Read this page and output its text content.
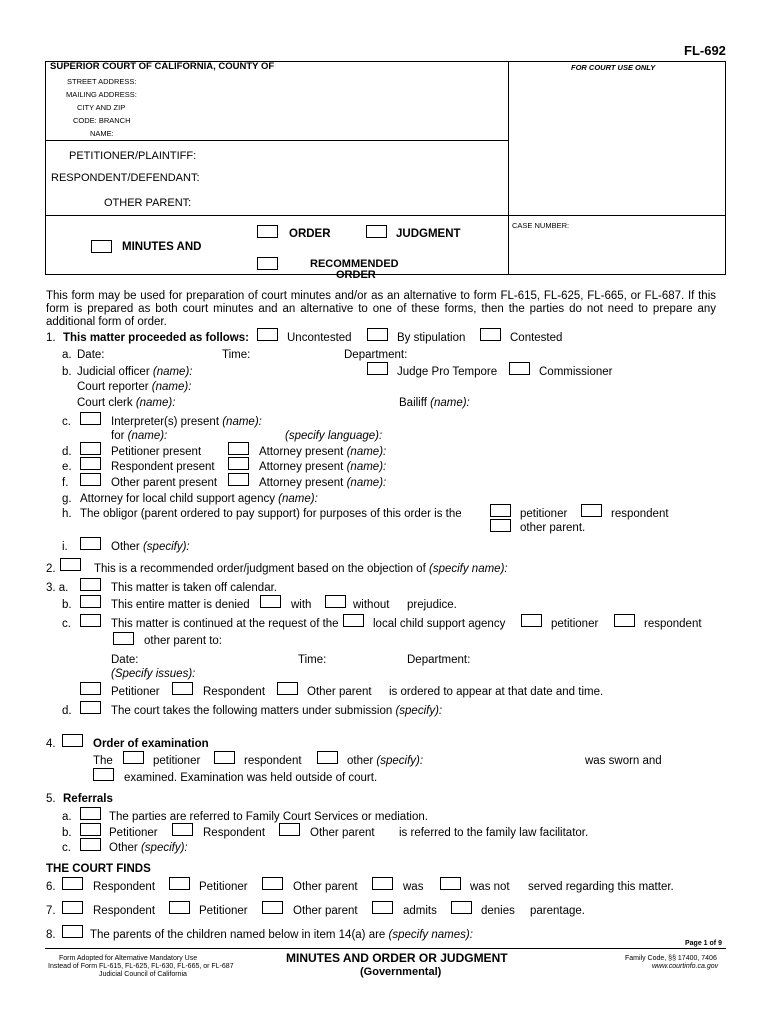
FL-692
SUPERIOR COURT OF CALIFORNIA, COUNTY OF	FOR COURT USE ONLY
STREET ADDRESS:
MAILING ADDRESS:
CITY AND ZIP
CODE: BRANCH
NAME:
PETITIONER/PLAINTIFF:
RESPONDENT/DEFENDANT:
OTHER PARENT:
CASE NUMBER:
MINUTES AND
ORDER	JUDGMENT
RECOMMENDED
ORDER
This form may be used for preparation of court minutes and/or as an alternative to form FL-615, FL-625, FL-665, or FL-687. If this form is prepared as both court minutes and an alternative to one of these forms, then the parties do not need to prepare any additional form of order.
1. This matter proceeded as follows:	Uncontested	By stipulation	Contested
a. Date:	Time:	Department:
b. Judicial officer (name):	Judge Pro Tempore	Commissioner
Court reporter (name):
Court clerk (name):	Bailiff (name):
c.	Interpreter(s) present (name):
for (name):	(specify language):
d.	Petitioner present	Attorney present (name):
e.	Respondent present	Attorney present (name):
f.	Other parent present	Attorney present (name):
g. Attorney for local child support agency (name):
h. The obligor (parent ordered to pay support) for purposes of this order is the	petitioner	respondent
other parent.
i.	Other (specify):
2.	This is a recommended order/judgment based on the objection of (specify name):
3. a.	This matter is taken off calendar.
b.	This entire matter is denied	with	without prejudice.
c.	This matter is continued at the request of the	local child support agency	petitioner	respondent
other parent to:
Date:	Time:	Department:
(Specify issues):
Petitioner	Respondent	Other parent is ordered to appear at that date and time.
d.	The court takes the following matters under submission (specify):
4.	Order of examination
The	petitioner	respondent	other (specify):	was sworn and
examined. Examination was held outside of court.
5. Referrals
a.	The parties are referred to Family Court Services or mediation.
b.	Petitioner	Respondent	Other parent is referred to the family law facilitator.
c.	Other (specify):
THE COURT FINDS
6.	Respondent	Petitioner	Other parent	was	was not served regarding this matter.
7.	Respondent	Petitioner	Other parent	admits	denies parentage.
8.	The parents of the children named below in item 14(a) are (specify names):
Page 1 of 9
Form Adopted for Alternative Mandatory Use
Instead of Form FL-615, FL-625, FL-630, FL-665, or FL-687
Judicial Council of California
MINUTES AND ORDER OR JUDGMENT
(Governmental)
Family Code, §§ 17400, 7406
www.courtinfo.ca.gov
